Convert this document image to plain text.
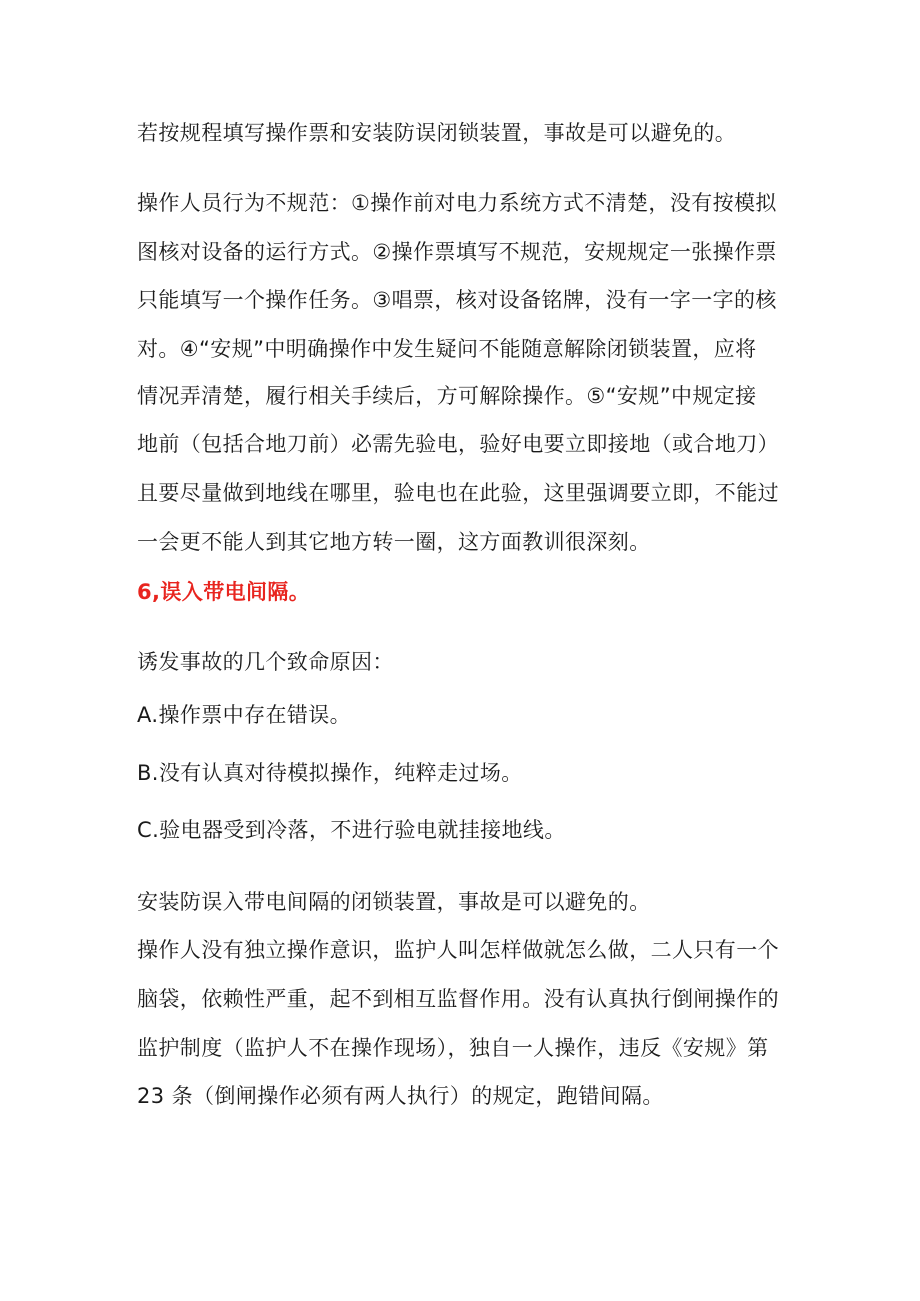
若按规程填写操作票和安装防误闭锁装置，事故是可以避免的。
操作人员行为不规范：①操作前对电力系统方式不清楚，没有按模拟
图核对设备的运行方式。②操作票填写不规范，安规规定一张操作票
只能填写一个操作任务。③唱票，核对设备铭牌，没有一字一字的核
对。④“安规”中明确操作中发生疑问不能随意解除闭锁装置，应将
情况弄清楚，履行相关手续后，方可解除操作。⑤“安规”中规定接
地前（包括合地刀前）必需先验电，验好电要立即接地（或合地刀）
且要尽量做到地线在哪里，验电也在此验，这里强调要立即，不能过
一会更不能人到其它地方转一圈，这方面教训很深刻。
6,误入带电间隔。
诱发事故的几个致命原因：
A.操作票中存在错误。
B.没有认真对待模拟操作，纯粹走过场。
C.验电器受到冷落，不进行验电就挂接地线。
安装防误入带电间隔的闭锁装置，事故是可以避免的。
操作人没有独立操作意识，监护人叫怎样做就怎么做，二人只有一个
脑袋，依赖性严重，起不到相互监督作用。没有认真执行倒闸操作的
监护制度（监护人不在操作现场），独自一人操作，违反《安规》第
23 条（倒闸操作必须有两人执行）的规定，跑错间隔。
